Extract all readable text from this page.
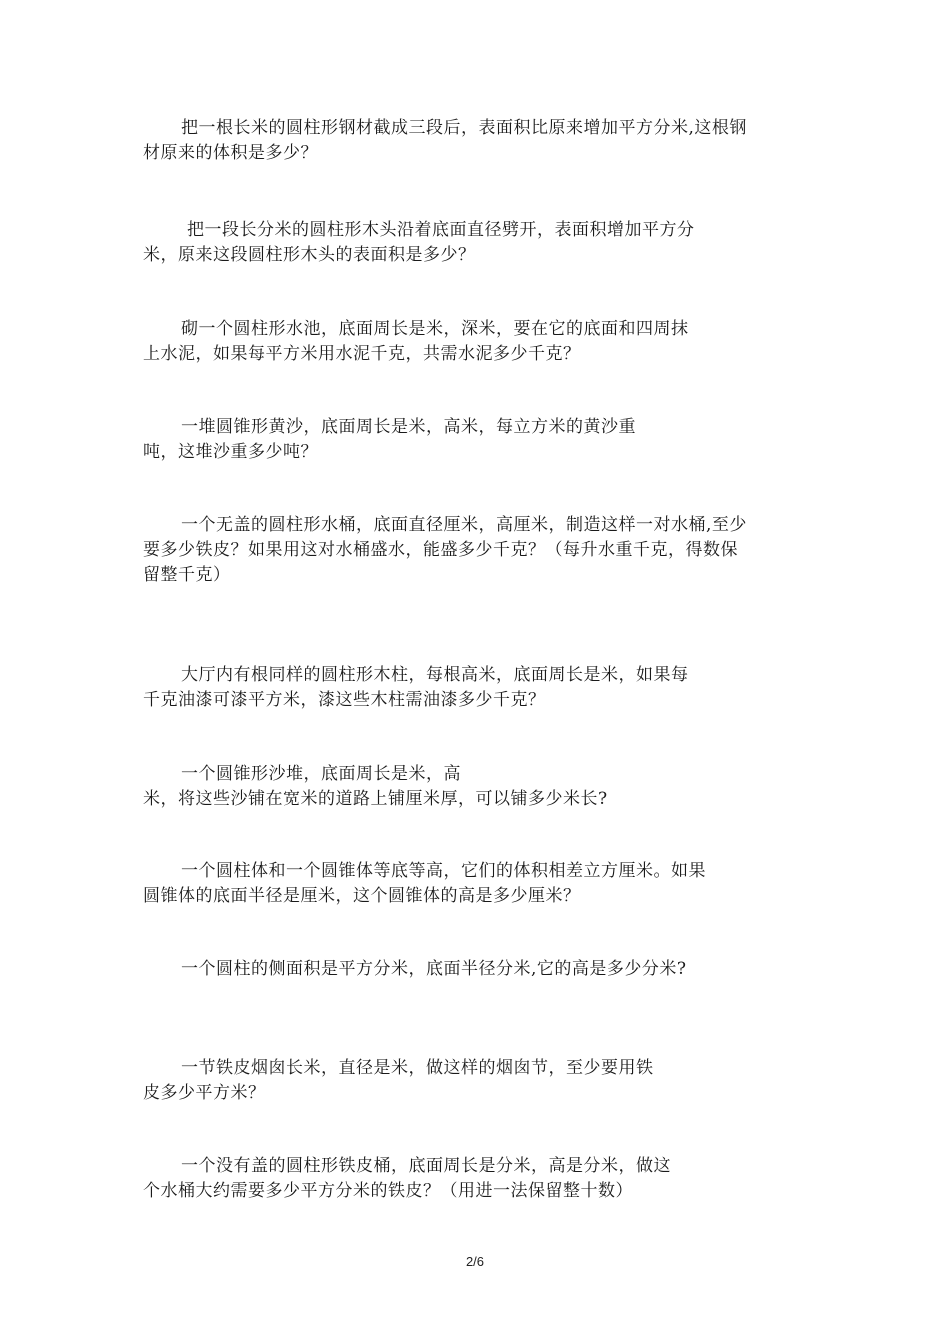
把一根长米的圆柱形钢材截成三段后，表面积比原来增加平方分米,这根钢
材原来的体积是多少？
把一段长分米的圆柱形木头沿着底面直径劈开，表面积增加平方分
米，原来这段圆柱形木头的表面积是多少？
砌一个圆柱形水池，底面周长是米，深米，要在它的底面和四周抹
上水泥，如果每平方米用水泥千克，共需水泥多少千克？
一堆圆锥形黄沙，底面周长是米，高米，每立方米的黄沙重
吨，这堆沙重多少吨？
一个无盖的圆柱形水桶，底面直径厘米，高厘米，制造这样一对水桶,至少
要多少铁皮？如果用这对水桶盛水，能盛多少千克？（每升水重千克，得数保
留整千克）
大厅内有根同样的圆柱形木柱，每根高米，底面周长是米，如果每
千克油漆可漆平方米，漆这些木柱需油漆多少千克？
一个圆锥形沙堆，底面周长是米，高
米，将这些沙铺在宽米的道路上铺厘米厚，可以铺多少米长?
一个圆柱体和一个圆锥体等底等高，它们的体积相差立方厘米。如果
圆锥体的底面半径是厘米，这个圆锥体的高是多少厘米？
一个圆柱的侧面积是平方分米，底面半径分米,它的高是多少分米?
一节铁皮烟囱长米，直径是米，做这样的烟囱节，至少要用铁
皮多少平方米？
一个没有盖的圆柱形铁皮桶，底面周长是分米，高是分米，做这
个水桶大约需要多少平方分米的铁皮？（用进一法保留整十数）
2/6
